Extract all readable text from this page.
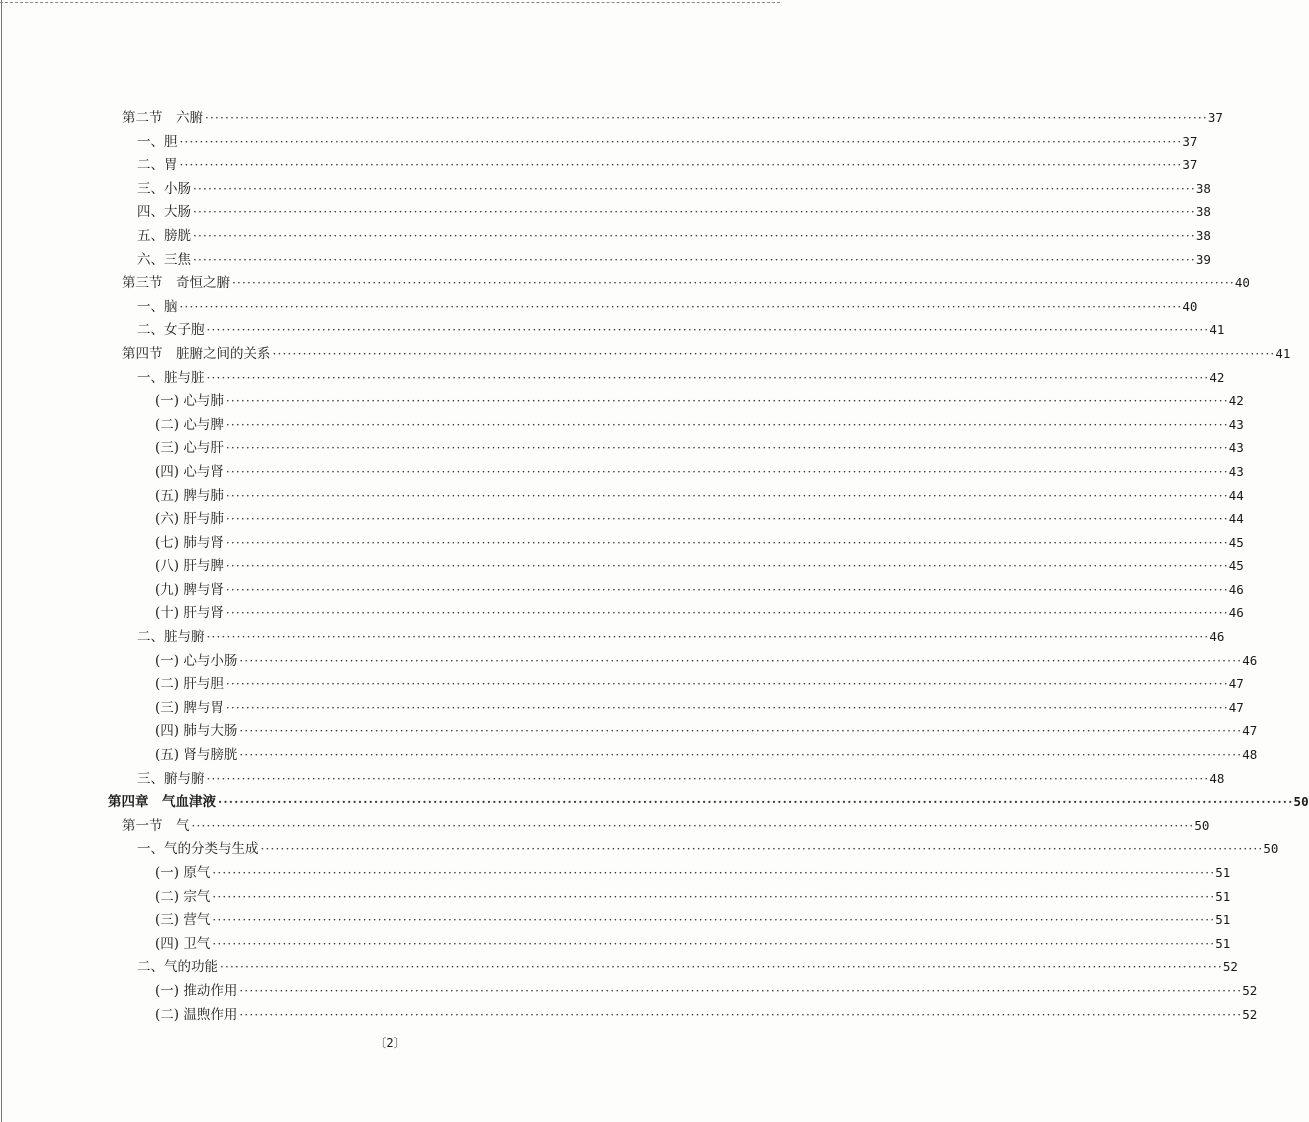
第二节　六腑 ········································································································································································································ 37
一、胆 ········································································································································································································ 37
二、胃 ········································································································································································································ 37
三、小肠 ········································································································································································································ 38
四、大肠 ········································································································································································································ 38
五、膀胱 ········································································································································································································ 38
六、三焦 ········································································································································································································ 39
第三节　奇恒之腑 ········································································································································································································ 40
一、脑 ········································································································································································································ 40
二、女子胞 ········································································································································································································ 41
第四节　脏腑之间的关系 ········································································································································································································ 41
一、脏与脏 ········································································································································································································ 42
(一) 心与肺 ········································································································································································································ 42
(二) 心与脾 ········································································································································································································ 43
(三) 心与肝 ········································································································································································································ 43
(四) 心与肾 ········································································································································································································ 43
(五) 脾与肺 ········································································································································································································ 44
(六) 肝与肺 ········································································································································································································ 44
(七) 肺与肾 ········································································································································································································ 45
(八) 肝与脾 ········································································································································································································ 45
(九) 脾与肾 ········································································································································································································ 46
(十) 肝与肾 ········································································································································································································ 46
二、脏与腑 ········································································································································································································ 46
(一) 心与小肠 ········································································································································································································ 46
(二) 肝与胆 ········································································································································································································ 47
(三) 脾与胃 ········································································································································································································ 47
(四) 肺与大肠 ········································································································································································································ 47
(五) 肾与膀胱 ········································································································································································································ 48
三、腑与腑 ········································································································································································································ 48
第四章　气血津液 ········································································································································································································ 50
第一节　气 ········································································································································································································ 50
一、气的分类与生成 ········································································································································································································ 50
(一) 原气 ········································································································································································································ 51
(二) 宗气 ········································································································································································································ 51
(三) 营气 ········································································································································································································ 51
(四) 卫气 ········································································································································································································ 51
二、气的功能 ········································································································································································································ 52
(一) 推动作用 ········································································································································································································ 52
(二) 温煦作用 ········································································································································································································ 52
〔2〕
